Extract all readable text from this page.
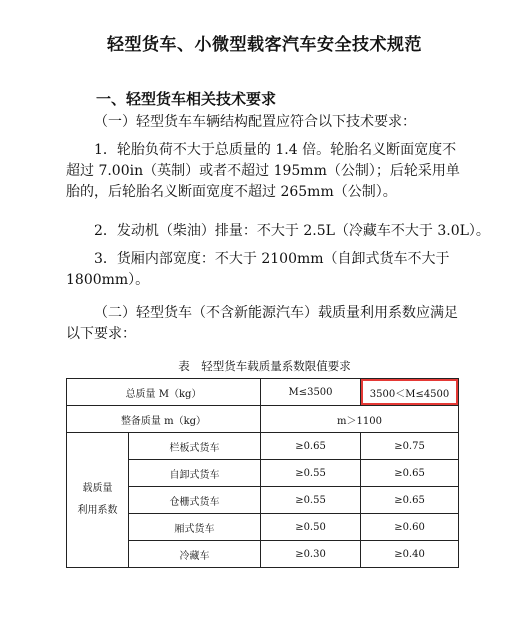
轻型货车、小微型载客汽车安全技术规范
一、轻型货车相关技术要求
（一）轻型货车车辆结构配置应符合以下技术要求：
1．轮胎负荷不大于总质量的 1.4 倍。轮胎名义断面宽度不
超过 7.00in（英制）或者不超过 195mm（公制）；后轮采用单
胎的，后轮胎名义断面宽度不超过 265mm（公制）。
2．发动机（柴油）排量：不大于 2.5L（冷藏车不大于 3.0L）。
3．货厢内部宽度：不大于 2100mm（自卸式货车不大于
1800mm）。
（二）轻型货车（不含新能源汽车）载质量利用系数应满足
以下要求：
表　轻型货车载质量系数限值要求
总质量 M（kg）		M≤3500	3500＜M≤4500
整备质量 m（kg）		m＞1100	

载质量
利用系数	栏板式货车	≥0.65	≥0.75
	自卸式货车	≥0.55	≥0.65
	仓栅式货车	≥0.55	≥0.65
	厢式货车	≥0.50	≥0.60
	冷藏车	≥0.30	≥0.40
